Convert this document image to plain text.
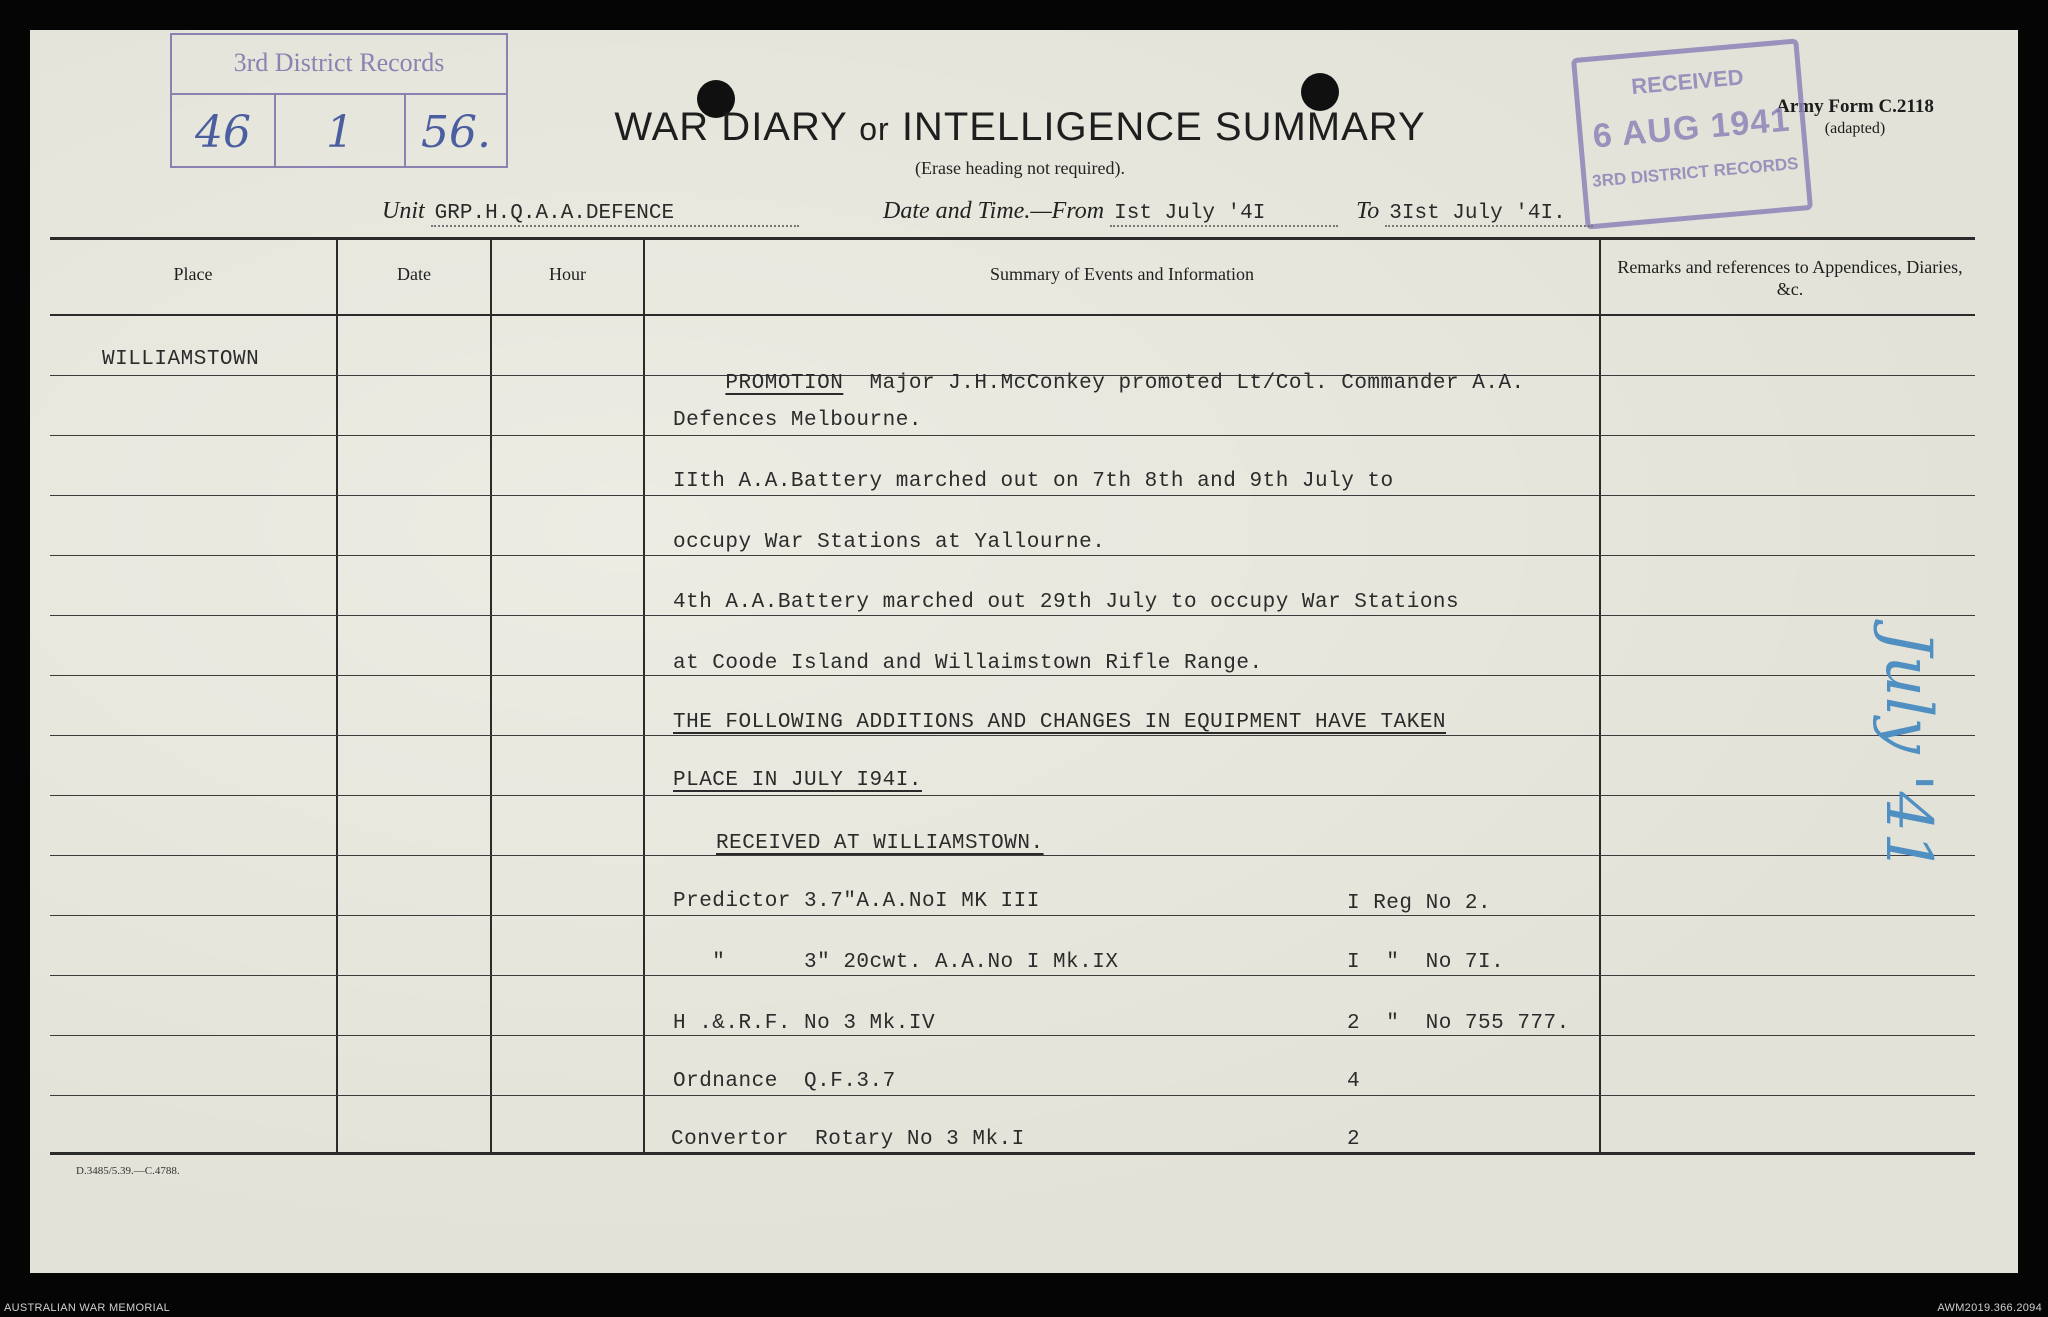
3rd District Records
46	1	56.	WAR DIARY or INTELLIGENCE SUMMARY
(Erase heading not required).
Army Form C.2118
(adapted)
RECEIVED
6 AUG 1941
3RD DISTRICT RECORDS
Unit GRP.H.Q.A.A.DEFENCE	Date and Time.—From Ist July '4I	To 3Ist July '4I.
Place	Date	Hour	Summary of Events and Information	Remarks and references to Appendices, Diaries, &c.
WILLIAMSTOWN

PROMOTION  Major J.H.McConkey promoted Lt/Col. Commander A.A.

Defences Melbourne.
IIth A.A.Battery marched out on 7th 8th and 9th July to
occupy War Stations at Yallourne.
4th A.A.Battery marched out 29th July to occupy War Stations
at Coode Island and Willaimstown Rifle Range.
THE FOLLOWING ADDITIONS AND CHANGES IN EQUIPMENT HAVE TAKEN
PLACE IN JULY I94I.
RECEIVED AT WILLIAMSTOWN.
Predictor 3.7"A.A.NoI MK III	I Reg No 2.
"      3" 20cwt. A.A.No I Mk.IX	I  "  No 7I.
H .&.R.F. No 3 Mk.IV	2  "  No 755 777.
Ordnance  Q.F.3.7	4
Convertor  Rotary No 3 Mk.I	2
July '41
D.3485/5.39.—C.4788.
AUSTRALIAN WAR MEMORIAL	AWM2019.366.2094
